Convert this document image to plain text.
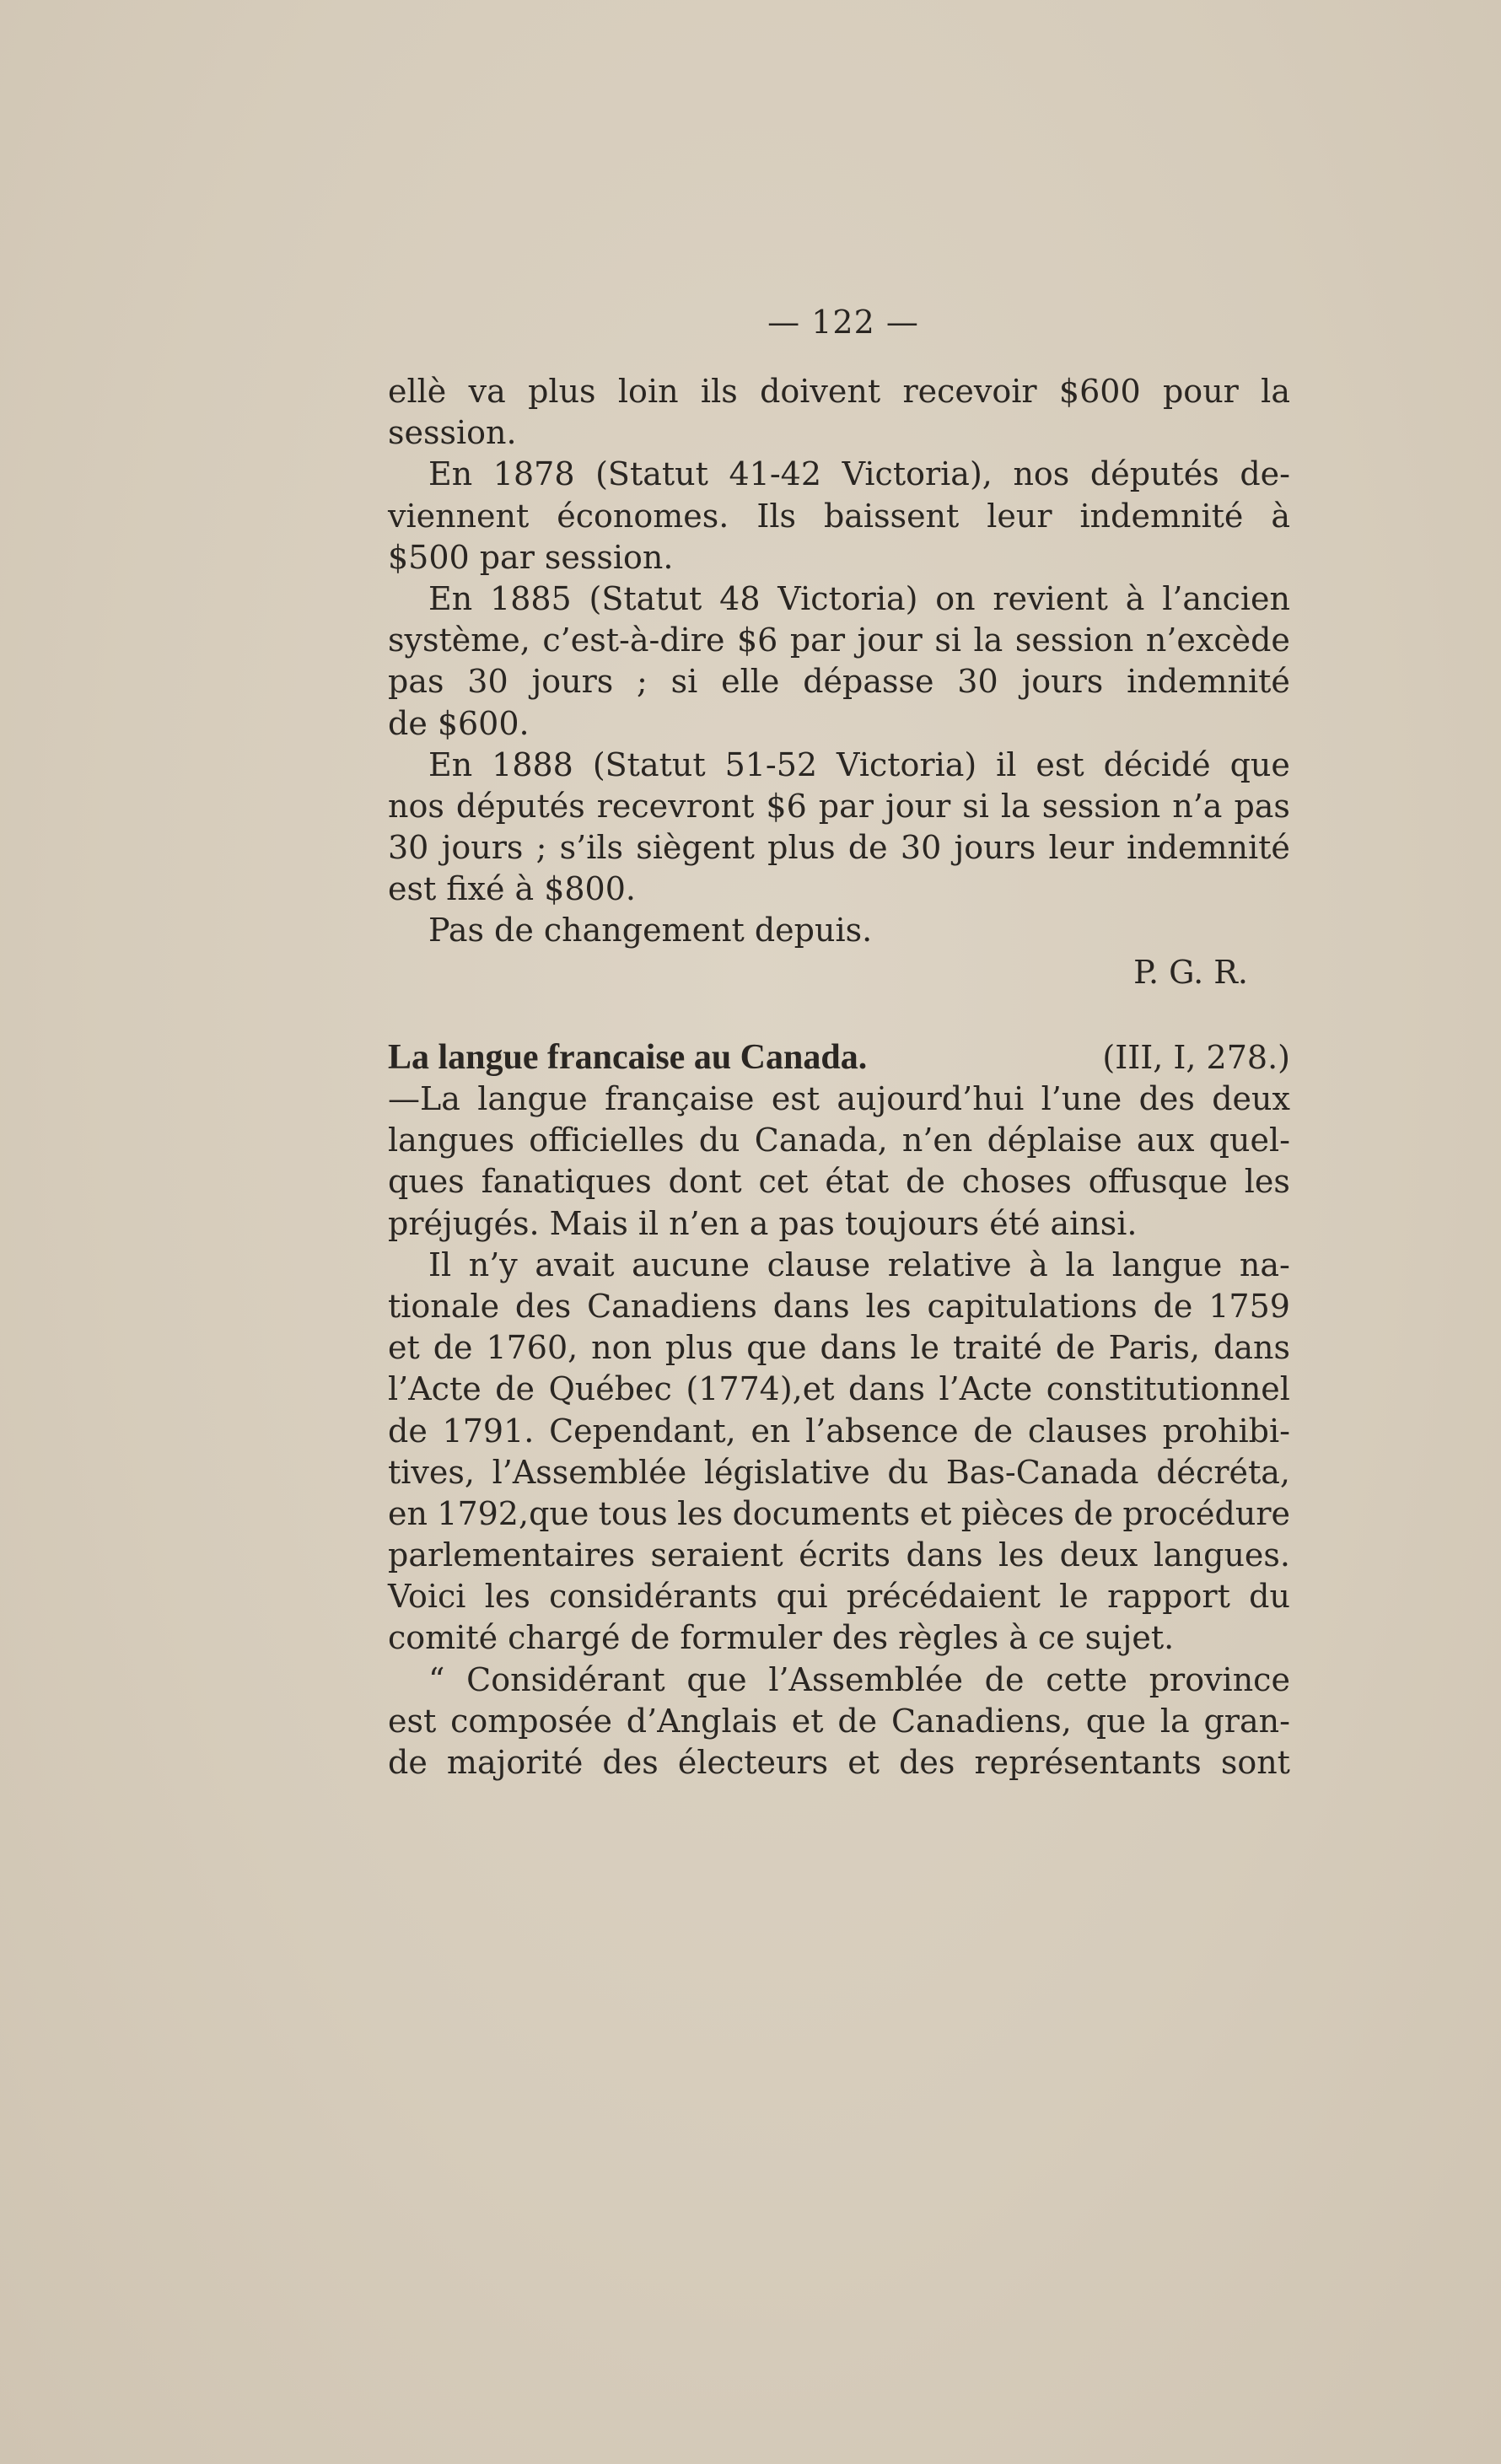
— 122 —
ellè va plus loin ils doivent recevoir $600 pour la
session.
En 1878 (Statut 41-42 Victoria), nos députés de-
viennent économes. Ils baissent leur indemnité à
$500 par session.
En 1885 (Statut 48 Victoria) on revient à l’ancien
système, c’est-à-dire $6 par jour si la session n’excède
pas 30 jours ; si elle dépasse 30 jours indemnité
de $600.
En 1888 (Statut 51-52 Victoria) il est décidé que
nos députés recevront $6 par jour si la session n’a pas
30 jours ; s’ils siègent plus de 30 jours leur indemnité
est fixé à $800.
Pas de changement depuis.
P. G. R.
La langue francaise au Canada.	(III, I, 278.)
—La langue française est aujourd’hui l’une des deux
langues officielles du Canada, n’en déplaise aux quel-
ques fanatiques dont cet état de choses offusque les
préjugés. Mais il n’en a pas toujours été ainsi.
Il n’y avait aucune clause relative à la langue na-
tionale des Canadiens dans les capitulations de 1759
et de 1760, non plus que dans le traité de Paris, dans
l’Acte de Québec (1774),et dans l’Acte constitutionnel
de 1791. Cependant, en l’absence de clauses prohibi-
tives, l’Assemblée législative du Bas-Canada décréta,
en 1792,que tous les documents et pièces de procédure
parlementaires seraient écrits dans les deux langues.
Voici les considérants qui précédaient le rapport du
comité chargé de formuler des règles à ce sujet.
“ Considérant que l’Assemblée de cette province
est composée d’Anglais et de Canadiens, que la gran-
de majorité des électeurs et des représentants sont
